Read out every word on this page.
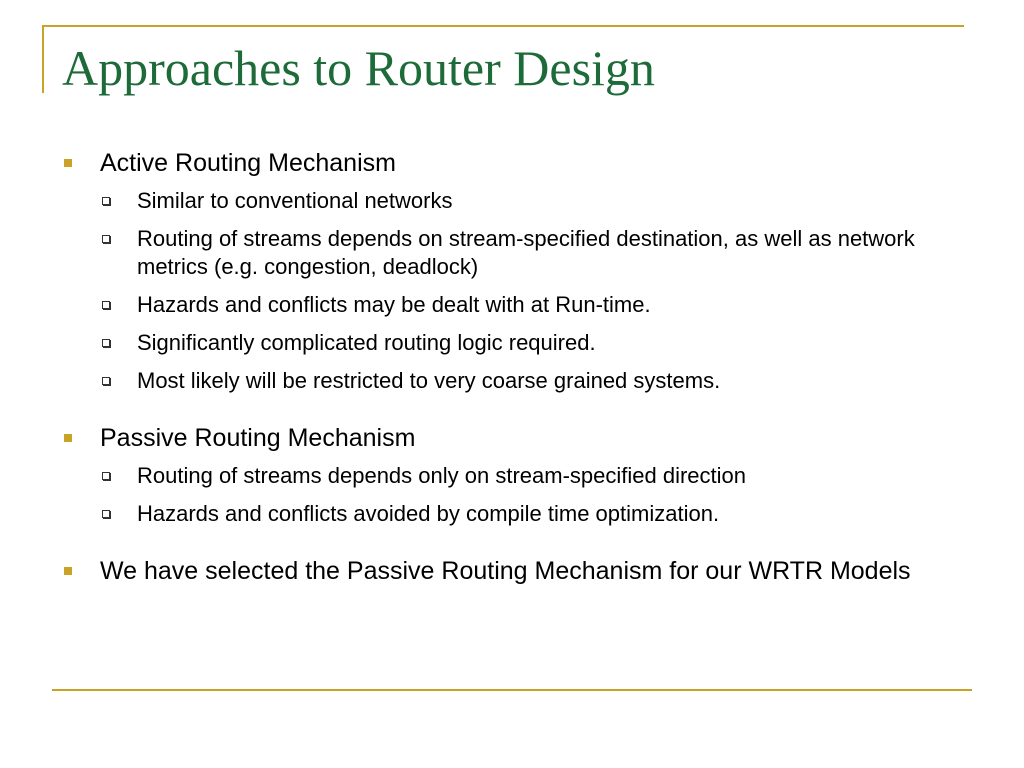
Approaches to Router Design
Active Routing Mechanism
Similar to conventional networks
Routing of streams depends on stream-specified destination, as well as network metrics (e.g. congestion, deadlock)
Hazards and conflicts may be dealt with at Run-time.
Significantly complicated routing logic required.
Most likely will be restricted to very coarse grained systems.
Passive Routing Mechanism
Routing of streams depends only on stream-specified direction
Hazards and conflicts avoided by compile time optimization.
We have selected the Passive Routing Mechanism for our WRTR Models
